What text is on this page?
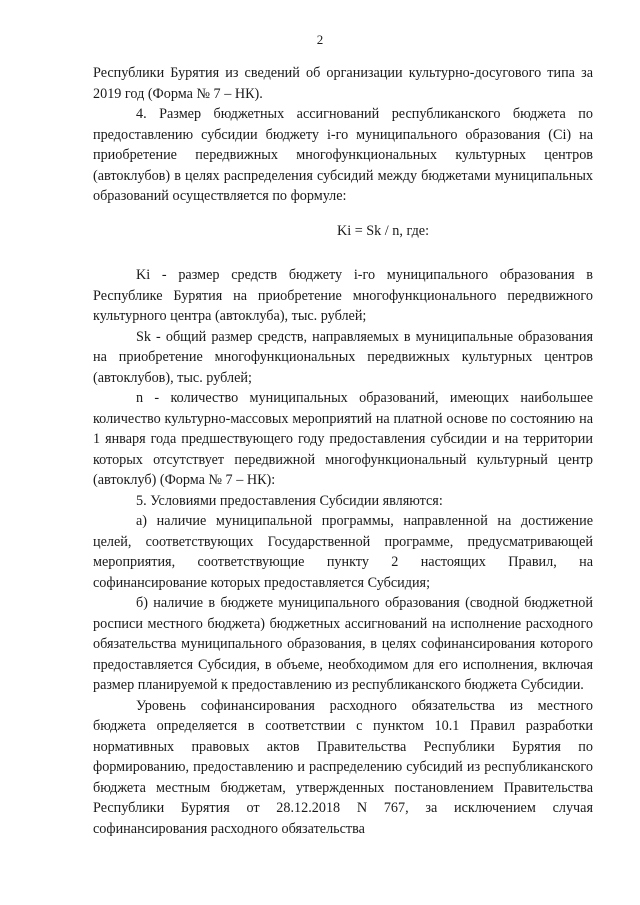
2

Республики Бурятия из сведений об организации культурно-досугового типа за 2019 год (Форма № 7 – НК).

4. Размер бюджетных ассигнований республиканского бюджета по предоставлению субсидии бюджету i-го муниципального образования (Сi) на приобретение передвижных многофункциональных культурных центров (автоклубов) в целях распределения субсидий между бюджетами муниципальных образований осуществляется по формуле:

Ki = Sk / n, где:

Ki - размер средств бюджету i-го муниципального образования в Республике Бурятия на приобретение многофункционального передвижного культурного центра (автоклуба), тыс. рублей;

Sk - общий размер средств, направляемых в муниципальные образования на приобретение многофункциональных передвижных культурных центров (автоклубов), тыс. рублей;

n - количество муниципальных образований, имеющих наибольшее количество культурно-массовых мероприятий на платной основе по состоянию на 1 января года предшествующего году предоставления субсидии и на территории которых отсутствует передвижной многофункциональный культурный центр (автоклуб) (Форма № 7 – НК):

5. Условиями предоставления Субсидии являются:

а) наличие муниципальной программы, направленной на достижение целей, соответствующих Государственной программе, предусматривающей мероприятия, соответствующие пункту 2 настоящих Правил, на софинансирование которых предоставляется Субсидия;

б) наличие в бюджете муниципального образования (сводной бюджетной росписи местного бюджета) бюджетных ассигнований на исполнение расходного обязательства муниципального образования, в целях софинансирования которого предоставляется Субсидия, в объеме, необходимом для его исполнения, включая размер планируемой к предоставлению из республиканского бюджета Субсидии.

Уровень софинансирования расходного обязательства из местного бюджета определяется в соответствии с пунктом 10.1 Правил разработки нормативных правовых актов Правительства Республики Бурятия по формированию, предоставлению и распределению субсидий из республиканского бюджета местным бюджетам, утвержденных постановлением Правительства Республики Бурятия от 28.12.2018 N 767, за исключением случая софинансирования расходного обязательства
